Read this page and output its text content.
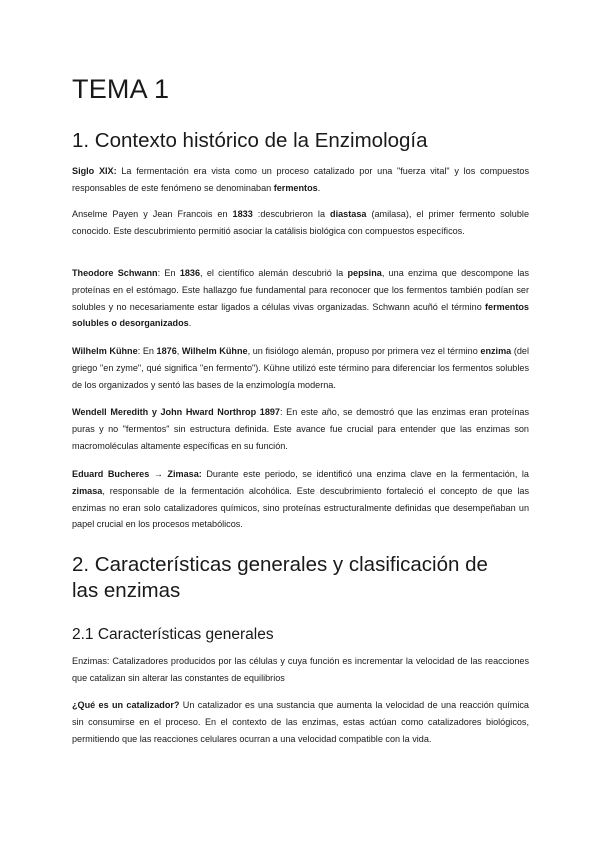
TEMA 1
1. Contexto histórico de la Enzimología

Siglo XIX: La fermentación era vista como un proceso catalizado por una "fuerza vital" y los compuestos responsables de este fenómeno se denominaban fermentos.

Anselme Payen y Jean Francois en 1833 :descubrieron la diastasa (amilasa), el primer fermento soluble conocido. Este descubrimiento permitió asociar la catálisis biológica con compuestos específicos.

Theodore Schwann: En 1836, el científico alemán descubrió la pepsina, una enzima que descompone las proteínas en el estómago. Este hallazgo fue fundamental para reconocer que los fermentos también podían ser solubles y no necesariamente estar ligados a células vivas organizadas. Schwann acuñó el término fermentos solubles o desorganizados.

Wilhelm Kühne: En 1876, Wilhelm Kühne, un fisiólogo alemán, propuso por primera vez el término enzima (del griego "en zyme", qué significa "en fermento"). Kühne utilizó este término para diferenciar los fermentos solubles de los organizados y sentó las bases de la enzimología moderna.

Wendell Meredith y John Hward Northrop 1897: En este año, se demostró que las enzimas eran proteínas puras y no "fermentos" sin estructura definida. Este avance fue crucial para entender que las enzimas son macromoléculas altamente específicas en su función.

Eduard Bucheres → Zimasa: Durante este periodo, se identificó una enzima clave en la fermentación, la zimasa, responsable de la fermentación alcohólica. Este descubrimiento fortaleció el concepto de que las enzimas no eran solo catalizadores químicos, sino proteínas estructuralmente definidas que desempeñaban un papel crucial en los procesos metabólicos.

2. Características generales y clasificación de las enzimas
2.1 Características generales

Enzimas: Catalizadores producidos por las células y cuya función es incrementar la velocidad de las reacciones que catalizan sin alterar las constantes de equilibrios

¿Qué es un catalizador? Un catalizador es una sustancia que aumenta la velocidad de una reacción química sin consumirse en el proceso. En el contexto de las enzimas, estas actúan como catalizadores biológicos, permitiendo que las reacciones celulares ocurran a una velocidad compatible con la vida.
